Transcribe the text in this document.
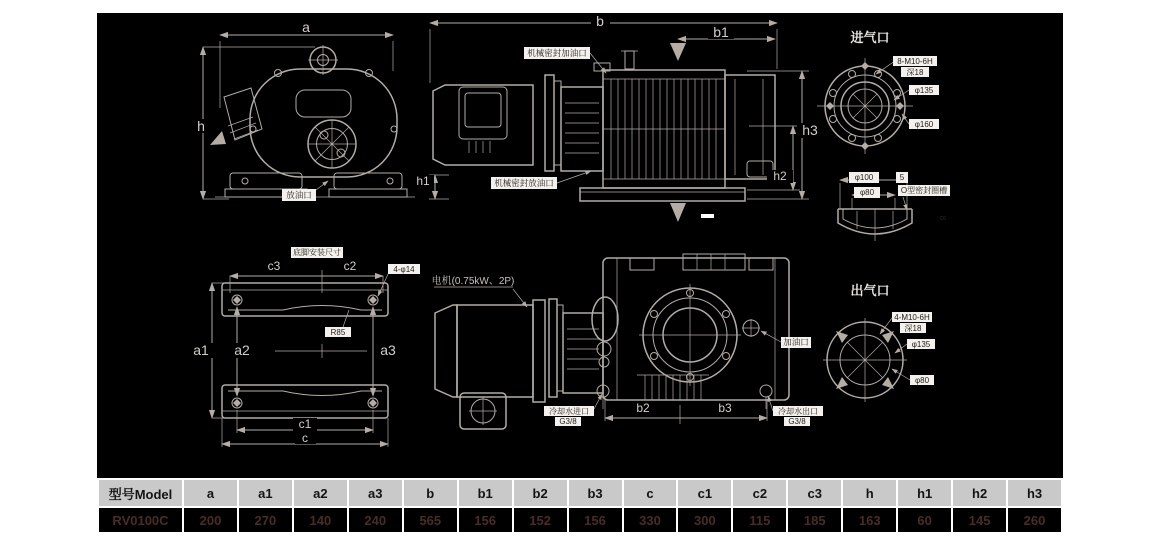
a
h
放油口
b
b1
机械密封加油口
机械密封放油口
h1	h2
h3
进气口
8-M10-6H
深18
φ135
φ160
φ100
φ80
5
O型密封圈槽
8
底脚安装尺寸
c3	c2	4-φ14
R85
a1 a2	a3
c1
c
电机(0.75kW、2P)
加油口
冷却水进口
G3/8
冷却水出口
G3/8
b2	b3
出气口
4-M10-6H
深18
φ135
φ80
型号Model	a	a1	a2	a3	b	b1	b2	b3	c	c1	c2	c3	h	h1	h2	h3
RV0100C	200	270	140	240	565	156	152	156	330	300	115	185	163	60	145	260
